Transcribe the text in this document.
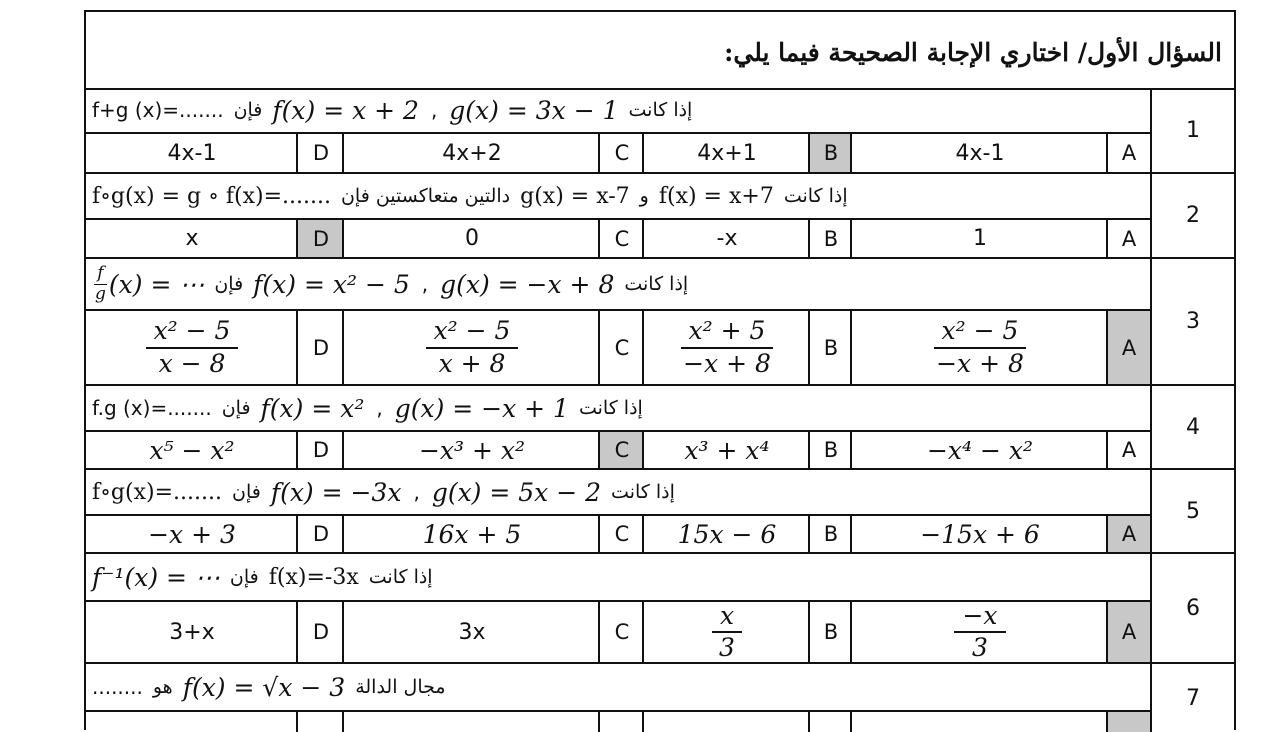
السؤال الأول/ اختاري الإجابة الصحيحة فيما يلي:
1
إذا كانت
g(x) = 3x − 1
,
f(x) = x + 2
فإن
f+g (x)=.......
A
4x-1
B
4x+1
C
4x+2
D
4x-1
2
إذا كانت
f(x) = x+7
و
g(x) = x-7
دالتين متعاكستين فإن
f∘g(x) = g ∘ f(x)=.......
A
1
B
-x
C
0
D
x
3
إذا كانت
g(x) = −x + 8
,
f(x) = x² − 5
فإن
$\frac{f}{g} (x)$ = ⋯
A
$\frac{\text{x² − 5}}{-x + 8}$
B
$\frac{\text{x² + 5}}{-x + 8}$
C
$\frac{\text{x² − 5}}{x + 8}$
D
$\frac{\text{x² − 5}}{x - 8}$
4
إذا كانت
g(x) = −x + 1
,
f(x) = x²
فإن
f.g (x)=.......
A
−x⁴ − x²
B
x³ + x⁴
C
−x³ + x²
D
x⁵ − x²
5
إذا كانت
g(x) = 5x − 2
,
f(x) = −3x
فإن
f∘g(x)=.......
A
−15x + 6
B
15x − 6
C
16x + 5
D
−x + 3
6
إذا كانت
f(x)=-3x
فإن
f⁻¹(x) = ⋯
A
$\frac{-x}{3}$
B
$\frac{x}{3}$
C
3x
D
3+x
7
مجال الدالة
f(x) = √x − 3
هو
........
